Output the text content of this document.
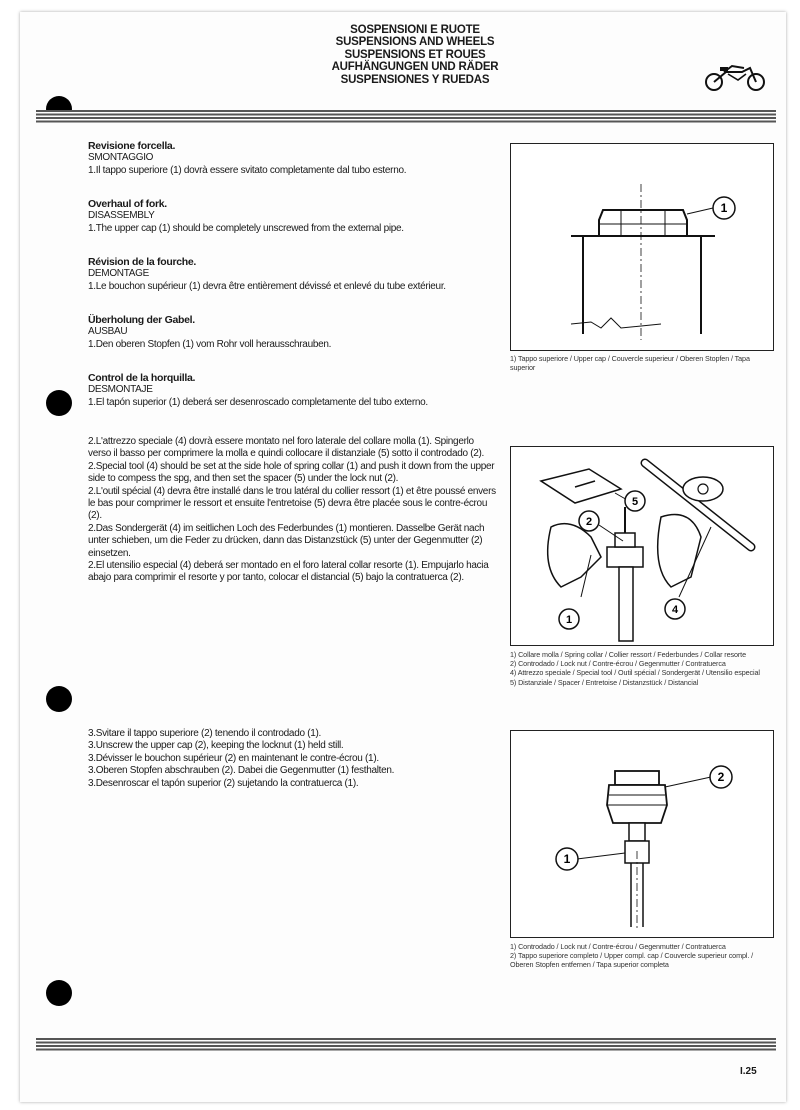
SOSPENSIONI E RUOTE
SUSPENSIONS AND WHEELS
SUSPENSIONS ET ROUES
AUFHÄNGUNGEN UND RÄDER
SUSPENSIONES Y RUEDAS
Revisione forcella.
SMONTAGGIO
1.Il tappo superiore (1) dovrà essere svitato completamente dal tubo esterno.
Overhaul of fork.
DISASSEMBLY
1.The upper cap (1) should be completely unscrewed from the external pipe.
Révision de la fourche.
DEMONTAGE
1.Le bouchon supérieur (1) devra être entièrement dévissé et enlevé du tube extérieur.
Überholung der Gabel.
AUSBAU
1.Den oberen Stopfen (1) vom Rohr voll herausschrauben.
Control de la horquilla.
DESMONTAJE
1.El tapón superior (1) deberá ser desenroscado completamente del tubo externo.

2.L'attrezzo speciale (4) dovrà essere montato nel foro laterale del collare molla (1). Spingerlo verso il basso per comprimere la molla e quindi collocare il distanziale (5) sotto il controdado (2).

2.Special tool (4) should be set at the side hole of spring collar (1) and push it down from the upper side to compess the spg, and then set the spacer (5) under the lock nut (2).

2.L'outil spécial (4) devra être installé dans le trou latéral du collier ressort (1) et être poussé envers le bas pour comprimer le ressort et ensuite l'entretoise (5) devra être placée sous le contre-écrou (2).

2.Das Sondergerät (4) im seitlichen Loch des Federbundes (1) montieren. Dasselbe Gerät nach unter schieben, um die Feder zu drücken, dann das Distanzstück (5) unter der Gegenmutter (2) einsetzen.

2.El utensilio especial (4) deberá ser montado en el foro lateral collar resorte (1). Empujarlo hacia abajo para comprimir el resorte y por tanto, colocar el distancial (5) bajo la contratuerca (2).

3.Svitare il tappo superiore (2) tenendo il controdado (1).

3.Unscrew the upper cap (2), keeping the locknut (1) held still.

3.Dévisser le bouchon supérieur (2) en maintenant le contre-écrou (1).

3.Oberen Stopfen abschrauben (2). Dabei die Gegenmutter (1) festhalten.

3.Desenroscar el tapón superior (2) sujetando la contratuerca (1).

1

1) Tappo superiore / Upper cap / Couvercle superieur / Oberen Stopfen / Tapa superior

2
5
1
4

1) Collare molla / Spring collar / Collier ressort / Federbundes / Collar resorte

2) Controdado / Lock nut / Contre-écrou / Gegenmutter / Contratuerca

4) Attrezzo speciale / Special tool / Outil spécial / Sondergerät / Utensilio especial

5) Distanziale / Spacer / Entretoise / Distanzstück / Distancial

2
1

1) Controdado / Lock nut / Contre-écrou / Gegenmutter / Contratuerca

2) Tappo superiore completo / Upper compl. cap / Couvercle superieur compl. / Oberen Stopfen entfernen / Tapa superior completa

I.25
